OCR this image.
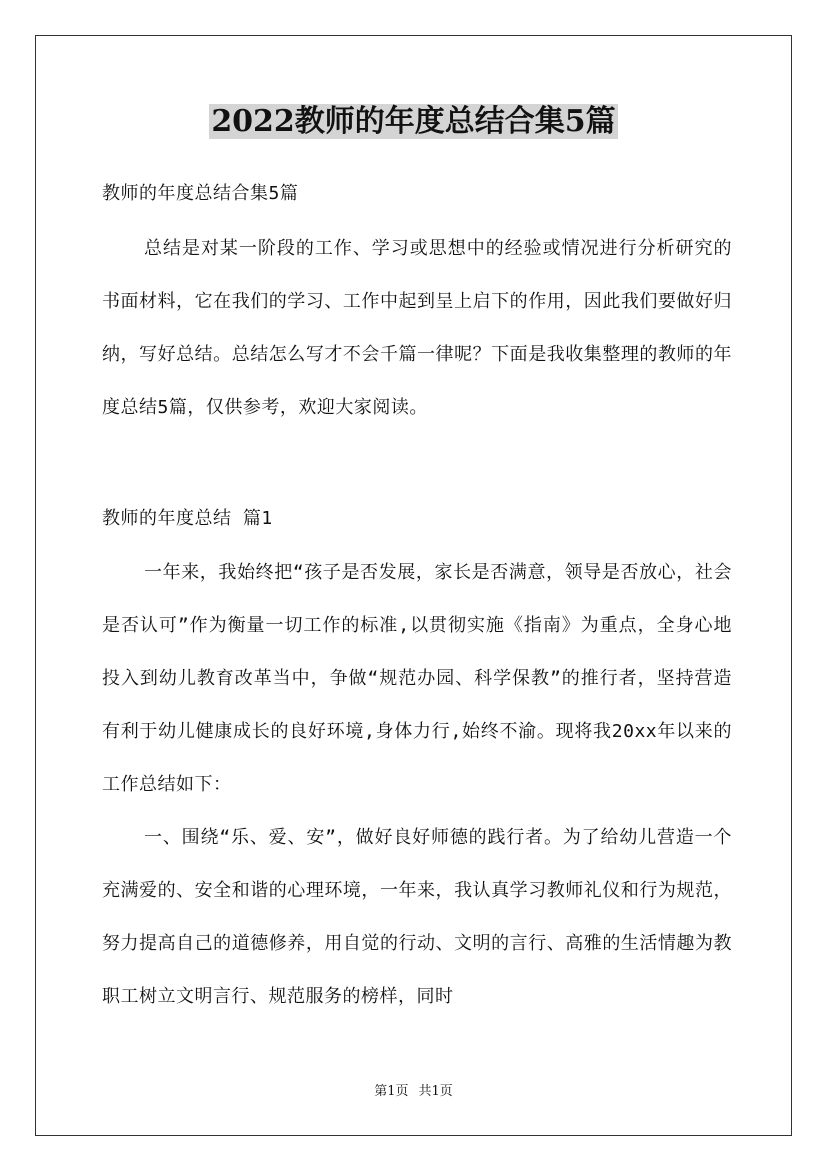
2022教师的年度总结合集5篇

教师的年度总结合集5篇

总结是对某一阶段的工作、学习或思想中的经验或情况进行分析研究的书面材料，它在我们的学习、工作中起到呈上启下的作用，因此我们要做好归纳，写好总结。总结怎么写才不会千篇一律呢？下面是我收集整理的教师的年度总结5篇，仅供参考，欢迎大家阅读。

教师的年度总结 篇1

一年来，我始终把“孩子是否发展，家长是否满意，领导是否放心，社会是否认可”作为衡量一切工作的标准,以贯彻实施《指南》为重点，全身心地投入到幼儿教育改革当中，争做“规范办园、科学保教”的推行者，坚持营造有利于幼儿健康成长的良好环境,身体力行,始终不渝。现将我20xx年以来的工作总结如下：

一、围绕“乐、爱、安”，做好良好师德的践行者。为了给幼儿营造一个充满爱的、安全和谐的心理环境，一年来，我认真学习教师礼仪和行为规范，努力提高自己的道德修养，用自觉的行动、文明的言行、高雅的生活情趣为教职工树立文明言行、规范服务的榜样，同时

第1页 共1页
